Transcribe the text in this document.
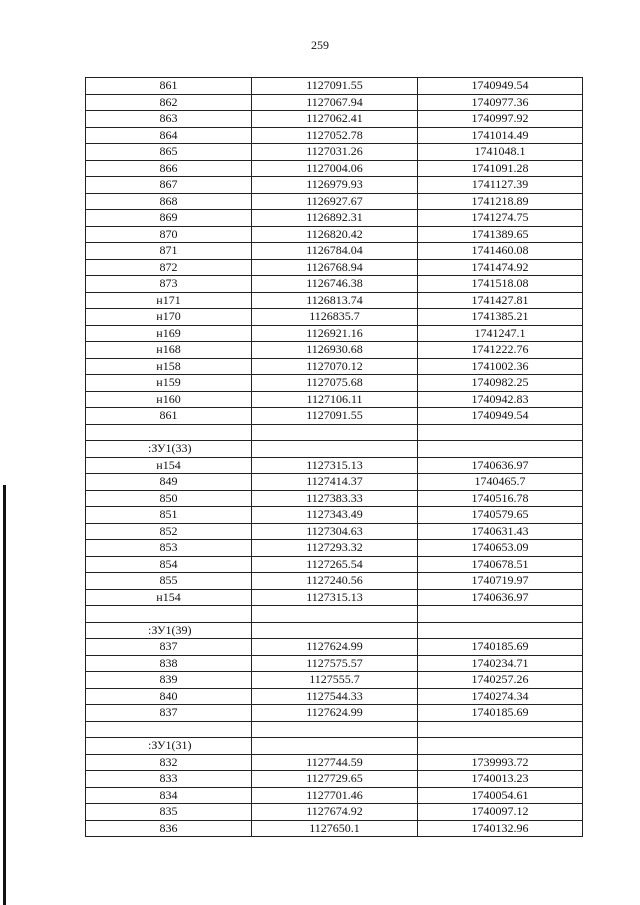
259
861	1127091.55	1740949.54
862	1127067.94	1740977.36
863	1127062.41	1740997.92
864	1127052.78	1741014.49
865	1127031.26	1741048.1
866	1127004.06	1741091.28
867	1126979.93	1741127.39
868	1126927.67	1741218.89
869	1126892.31	1741274.75
870	1126820.42	1741389.65
871	1126784.04	1741460.08
872	1126768.94	1741474.92
873	1126746.38	1741518.08
н171	1126813.74	1741427.81
н170	1126835.7	1741385.21
н169	1126921.16	1741247.1
н168	1126930.68	1741222.76
н158	1127070.12	1741002.36
н159	1127075.68	1740982.25
н160	1127106.11	1740942.83
861	1127091.55	1740949.54

:ЗУ1(33)		
н154	1127315.13	1740636.97
849	1127414.37	1740465.7
850	1127383.33	1740516.78
851	1127343.49	1740579.65
852	1127304.63	1740631.43
853	1127293.32	1740653.09
854	1127265.54	1740678.51
855	1127240.56	1740719.97
н154	1127315.13	1740636.97

:ЗУ1(39)		
837	1127624.99	1740185.69
838	1127575.57	1740234.71
839	1127555.7	1740257.26
840	1127544.33	1740274.34
837	1127624.99	1740185.69

:ЗУ1(31)		
832	1127744.59	1739993.72
833	1127729.65	1740013.23
834	1127701.46	1740054.61
835	1127674.92	1740097.12
836	1127650.1	1740132.96
